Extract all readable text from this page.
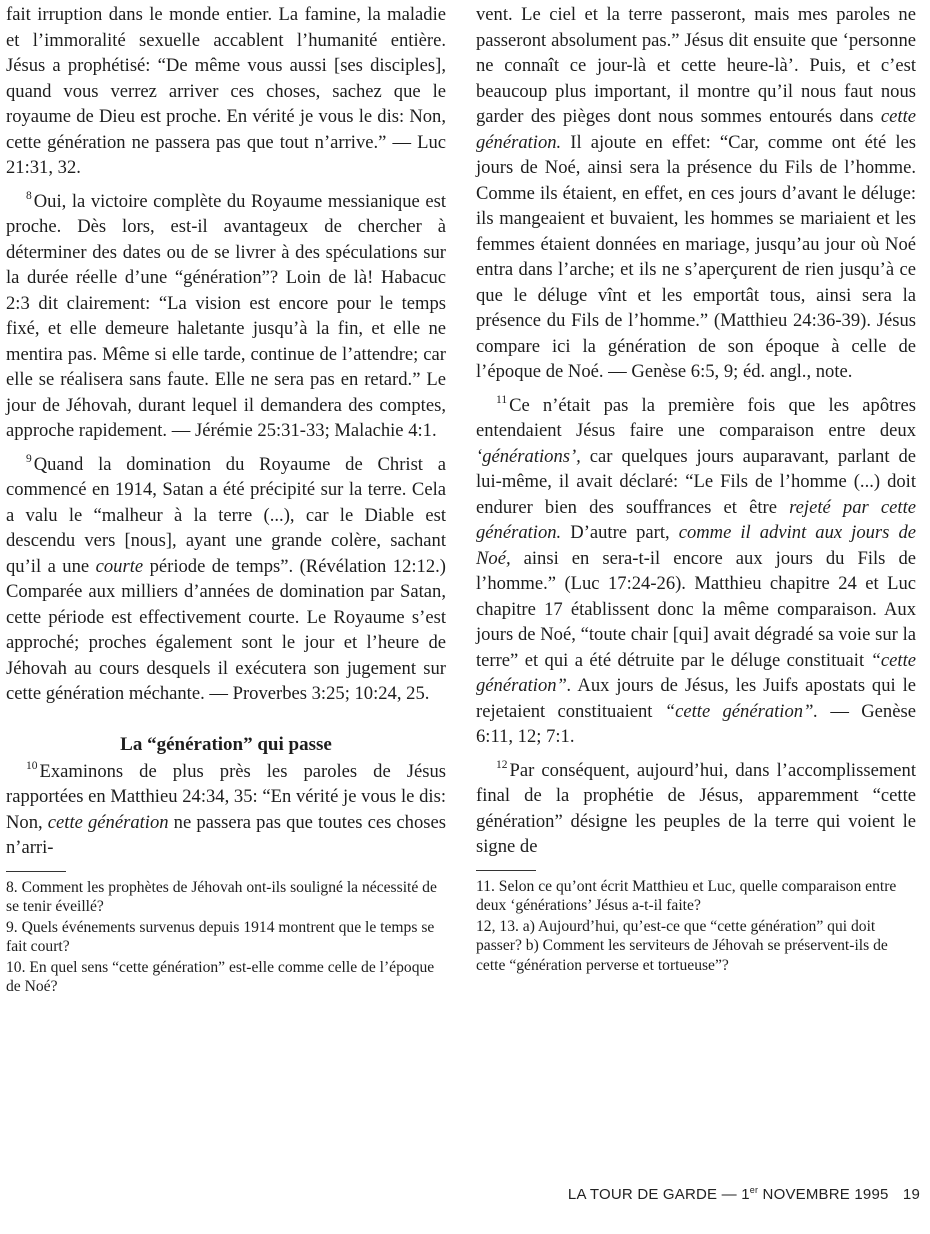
fait irruption dans le monde entier. La famine, la maladie et l’immoralité sexuelle accablent l’humanité entière. Jésus a prophétisé: “De même vous aussi [ses disciples], quand vous verrez arriver ces choses, sachez que le royaume de Dieu est proche. En vérité je vous le dis: Non, cette génération ne passera pas que tout n’arrive.” — Luc 21:31, 32.

$^8$ Oui, la victoire complète du Royaume messianique est proche. Dès lors, est-il avantageux de chercher à déterminer des dates ou de se livrer à des spéculations sur la durée réelle d’une “génération”? Loin de là! Habacuc 2:3 dit clairement: “La vision est encore pour le temps fixé, et elle demeure haletante jusqu’à la fin, et elle ne mentira pas. Même si elle tarde, continue de l’attendre; car elle se réalisera sans faute. Elle ne sera pas en retard.” Le jour de Jéhovah, durant lequel il demandera des comptes, approche rapidement. — Jérémie 25:31-33; Malachie 4:1.

$^9$ Quand la domination du Royaume de Christ a commencé en 1914, Satan a été précipité sur la terre. Cela a valu le “malheur à la terre (...), car le Diable est descendu vers [nous], ayant une grande colère, sachant qu’il a une courte période de temps”. (Révélation 12:12.) Comparée aux milliers d’années de domination par Satan, cette période est effectivement courte. Le Royaume s’est approché; proches également sont le jour et l’heure de Jéhovah au cours desquels il exécutera son jugement sur cette génération méchante. — Proverbes 3:25; 10:24, 25.

La “génération” qui passe

$^{10}$ Examinons de plus près les paroles de Jésus rapportées en Matthieu 24:34, 35: “En vérité je vous le dis: Non, cette génération ne passera pas que toutes ces choses n’arri-

8. Comment les prophètes de Jéhovah ont-ils souligné la nécessité de se tenir éveillé?
9. Quels événements survenus depuis 1914 montrent que le temps se fait court?
10. En quel sens “cette génération” est-elle comme celle de l’époque de Noé?

vent. Le ciel et la terre passeront, mais mes paroles ne passeront absolument pas.” Jésus dit ensuite que ‘personne ne connaît ce jour-là et cette heure-là’. Puis, et c’est beaucoup plus important, il montre qu’il nous faut nous garder des pièges dont nous sommes entourés dans cette génération. Il ajoute en effet: “Car, comme ont été les jours de Noé, ainsi sera la présence du Fils de l’homme. Comme ils étaient, en effet, en ces jours d’avant le déluge: ils mangeaient et buvaient, les hommes se mariaient et les femmes étaient données en mariage, jusqu’au jour où Noé entra dans l’arche; et ils ne s’aperçurent de rien jusqu’à ce que le déluge vînt et les emportât tous, ainsi sera la présence du Fils de l’homme.” (Matthieu 24:36-39). Jésus compare ici la génération de son époque à celle de l’époque de Noé. — Genèse 6:5, 9; éd. angl., note.

$^{11}$ Ce n’était pas la première fois que les apôtres entendaient Jésus faire une comparaison entre deux ‘générations’, car quelques jours auparavant, parlant de lui-même, il avait déclaré: “Le Fils de l’homme (...) doit endurer bien des souffrances et être rejeté par cette génération. D’autre part, comme il advint aux jours de Noé, ainsi en sera-t-il encore aux jours du Fils de l’homme.” (Luc 17:24-26). Matthieu chapitre 24 et Luc chapitre 17 établissent donc la même comparaison. Aux jours de Noé, “toute chair [qui] avait dégradé sa voie sur la terre” et qui a été détruite par le déluge constituait “cette génération”. Aux jours de Jésus, les Juifs apostats qui le rejetaient constituaient “cette génération”. — Genèse 6:11, 12; 7:1.

$^{12}$ Par conséquent, aujourd’hui, dans l’accomplissement final de la prophétie de Jésus, apparemment “cette génération” désigne les peuples de la terre qui voient le signe de

11. Selon ce qu’ont écrit Matthieu et Luc, quelle comparaison entre deux ‘générations’ Jésus a-t-il faite?
12, 13. a) Aujourd’hui, qu’est-ce que “cette génération” qui doit passer? b) Comment les serviteurs de Jéhovah se préservent-ils de cette “génération perverse et tortueuse”?
LA TOUR DE GARDE — 1er NOVEMBRE 1995 19
